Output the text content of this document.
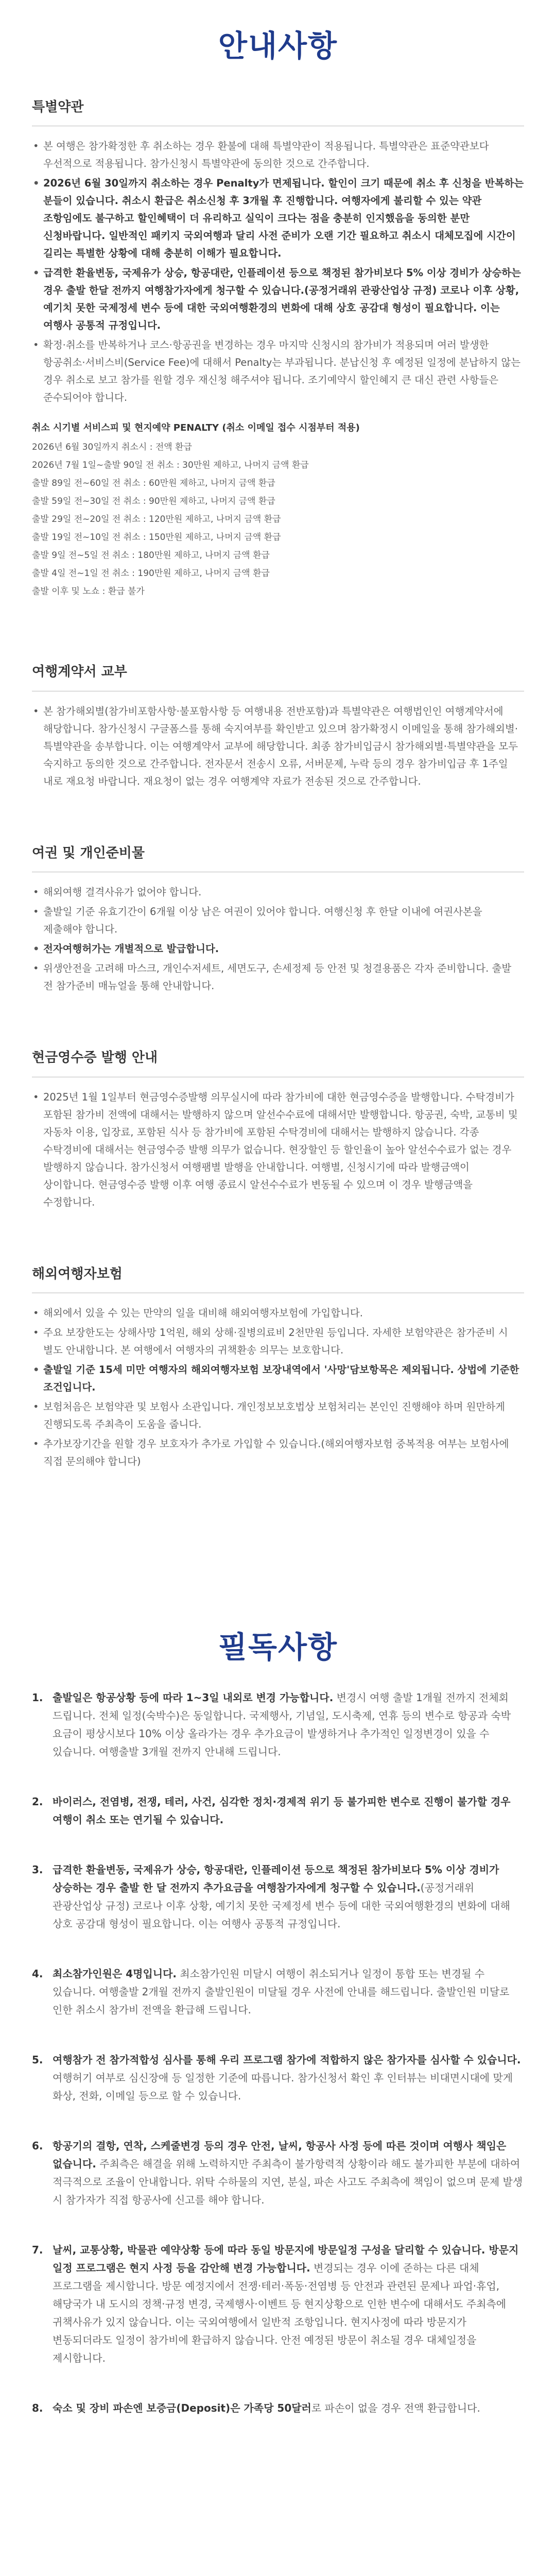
안내사항
특별약관
• 본 여행은 참가확정한 후 취소하는 경우 환불에 대해 특별약관이 적용됩니다. 특별약관은 표준약관보다 우선적으로 적용됩니다. 참가신청시 특별약관에 동의한 것으로 간주합니다.
• 2026년 6월 30일까지 취소하는 경우 Penalty가 면제됩니다. 할인이 크기 때문에 취소 후 신청을 반복하는 분들이 있습니다. 취소시 환급은 취소신청 후 3개월 후 진행합니다. 여행자에게 불리할 수 있는 약관 조항임에도 불구하고 할인혜택이 더 유리하고 실익이 크다는 점을 충분히 인지했음을 동의한 분만 신청바랍니다. 일반적인 패키지 국외여행과 달리 사전 준비가 오랜 기간 필요하고 취소시 대체모집에 시간이 길리는 특별한 상황에 대해 충분히 이해가 필요합니다.
• 급격한 환율변동, 국제유가 상승, 항공대란, 인플레이션 등으로 책정된 참가비보다 5% 이상 경비가 상승하는 경우 출발 한달 전까지 여행참가자에게 청구할 수 있습니다.(공정거래위 관광산업상 규정) 코로나 이후 상황, 예기치 못한 국제정세 변수 등에 대한 국외여행환경의 변화에 대해 상호 공감대 형성이 필요합니다. 이는 여행사 공통적 규정입니다.
• 확정·취소를 반복하거나 코스·항공권을 변경하는 경우 마지막 신청시의 참가비가 적용되며 여러 발생한 항공취소·서비스비(Service Fee)에 대해서 Penalty는 부과됩니다. 분납신청 후 예정된 일정에 분납하지 않는 경우 취소로 보고 참가를 원할 경우 재신청 해주셔야 됩니다. 조기예약시 할인혜지 큰 대신 관련 사항들은 준수되어야 합니다.
취소 시기별 서비스피 및 현지예약 PENALTY (취소 이메일 접수 시점부터 적용)
2026년 6월 30일까지 취소시 : 전액 환급
2026년 7월 1일~출발 90일 전 취소 : 30만원 제하고, 나머지 금액 환급
출발 89일 전~60일 전 취소 : 60만원 제하고, 나머지 금액 환급
출발 59일 전~30일 전 취소 : 90만원 제하고, 나머지 금액 환급
출발 29일 전~20일 전 취소 : 120만원 제하고, 나머지 금액 환급
출발 19일 전~10일 전 취소 : 150만원 제하고, 나머지 금액 환급
출발 9일 전~5일 전 취소 : 180만원 제하고, 나머지 금액 환급
출발 4일 전~1일 전 취소 : 190만원 제하고, 나머지 금액 환급
출발 이후 및 노쇼 : 환급 불가
여행계약서 교부
• 본 참가해외별(참가비포함사항·불포함사항 등 여행내용 전반포함)과 특별약관은 여행법인인 여행계약서에 해당합니다. 참가신청시 구글폼스를 통해 숙지여부를 확인받고 있으며 참가확정시 이메일을 통해 참가해외별·특별약관을 송부합니다. 이는 여행계약서 교부에 해당합니다. 최종 참가비입금시 참가해외별·특별약관을 모두 숙지하고 동의한 것으로 간주합니다. 전자문서 전송시 오류, 서버문제, 누락 등의 경우 참가비입금 후 1주일 내로 재요청 바랍니다. 재요청이 없는 경우 여행계약 자료가 전송된 것으로 간주합니다.
여권 및 개인준비물
• 해외여행 결격사유가 없어야 합니다.
• 출발일 기준 유효기간이 6개월 이상 남은 여권이 있어야 합니다. 여행신청 후 한달 이내에 여권사본을 제출해야 합니다.
• 전자여행허가는 개별적으로 발급합니다.
• 위생안전을 고려해 마스크, 개인수저세트, 세면도구, 손세정제 등 안전 및 청결용품은 각자 준비합니다. 출발 전 참가준비 매뉴얼을 통해 안내합니다.
현금영수증 발행 안내
• 2025년 1월 1일부터 현금영수증발행 의무실시에 따라 참가비에 대한 현금영수증을 발행합니다. 수탁경비가 포함된 참가비 전액에 대해서는 발행하지 않으며 알선수수료에 대해서만 발행합니다. 항공권, 숙박, 교통비 및 자동차 이용, 입장료, 포함된 식사 등 참가비에 포함된 수탁경비에 대해서는 발행하지 않습니다. 각종 수탁경비에 대해서는 현금영수증 발행 의무가 없습니다. 현장할인 등 할인율이 높아 알선수수료가 없는 경우 발행하지 않습니다. 참가신청서 여행팸별 발행을 안내합니다. 여행별, 신청시기에 따라 발행금액이 상이합니다. 현금영수증 발행 이후 여행 종료시 알선수수료가 변동될 수 있으며 이 경우 발행금액을 수정합니다.
해외여행자보험
• 해외에서 있을 수 있는 만약의 일을 대비해 해외여행자보험에 가입합니다.
• 주요 보장한도는 상해사망 1억원, 해외 상해·질병의료비 2천만원 등입니다. 자세한 보험약관은 참가준비 시 별도 안내합니다. 본 여행에서 여행자의 귀책환송 의무는 보호합니다.
• 출발일 기준 15세 미만 여행자의 해외여행자보험 보장내역에서 '사망'담보항목은 제외됩니다. 상법에 기준한 조건입니다.
• 보험처음은 보험약관 및 보험사 소관입니다. 개인정보보호법상 보험처리는 본인인 진행해야 하며 원만하게 진행되도록 주최측이 도움을 줍니다.
• 추가보장기간을 원할 경우 보호자가 추가로 가입할 수 있습니다.(해외여행자보험 중복적용 여부는 보험사에 직접 문의해야 합니다)
필독사항
1. 출발일은 항공상황 등에 따라 1~3일 내외로 변경 가능합니다. 변경시 여행 출발 1개월 전까지 전체회 드립니다. 전체 일정(숙박수)은 동일합니다. 국제행사, 기념일, 도시축제, 연휴 등의 변수로 항공과 숙박 요금이 평상시보다 10% 이상 올라가는 경우 추가요금이 발생하거나 추가적인 일정변경이 있을 수 있습니다. 여행출발 3개월 전까지 안내해 드립니다.
2. 바이러스, 전염병, 전쟁, 테러, 사건, 심각한 정치·경제적 위기 등 불가피한 변수로 진행이 불가할 경우 여행이 취소 또는 연기될 수 있습니다.
3. 급격한 환율변동, 국제유가 상승, 항공대란, 인플레이션 등으로 책정된 참가비보다 5% 이상 경비가 상승하는 경우 출발 한 달 전까지 추가요금을 여행참가자에게 청구할 수 있습니다.(공정거래위 관광산업상 규정) 코로나 이후 상황, 예기치 못한 국제정세 변수 등에 대한 국외여행환경의 변화에 대해 상호 공감대 형성이 필요합니다. 이는 여행사 공통적 규정입니다.
4. 최소참가인원은 4명입니다. 최소참가인원 미달시 여행이 취소되거나 일정이 통합 또는 변경될 수 있습니다. 여행출발 2개월 전까지 출발인원이 미달될 경우 사전에 안내를 해드립니다. 출발인원 미달로 인한 취소시 참가비 전액을 환급해 드립니다.
5. 여행참가 전 참가적합성 심사를 통해 우리 프로그램 참가에 적합하지 않은 참가자를 심사할 수 있습니다. 여행허기 여부로 심신장애 등 일정한 기준에 따릅니다. 참가신청서 확인 후 인터뷰는 비대면시대에 맞게 화상, 전화, 이메일 등으로 할 수 있습니다.
6. 항공기의 결항, 연착, 스케줄변경 등의 경우 안전, 날씨, 항공사 사정 등에 따른 것이며 여행사 책임은 없습니다. 주최측은 해결을 위해 노력하지만 주최측이 불가항력적 상황이라 해도 불가피한 부분에 대하여 적극적으로 조율이 안내합니다. 위탁 수하물의 지연, 분실, 파손 사고도 주최측에 책임이 없으며 문제 발생 시 참가자가 직접 항공사에 신고를 해야 합니다.
7. 날씨, 교통상황, 박물관 예약상황 등에 따라 동일 방문지에 방문일정 구성을 달리할 수 있습니다. 방문지 일정 프로그램은 현지 사정 등을 감안해 변경 가능합니다. 변경되는 경우 이에 준하는 다른 대체 프로그램을 제시합니다. 방문 예정지에서 전쟁·테러·폭동·전염병 등 안전과 관련된 문제나 파업·휴업, 해당국가 내 도시의 정책·규정 변경, 국제행사·이벤트 등 현지상황으로 인한 변수에 대해서도 주최측에 귀책사유가 있지 않습니다. 이는 국외여행에서 일반적 조항입니다. 현지사정에 따라 방문지가 변동되더라도 일정이 참가비에 환급하지 않습니다. 안전 예정된 방문이 취소될 경우 대체일정을 제시합니다.
8. 숙소 및 장비 파손엔 보증금(Deposit)은 가족당 50달러로 파손이 없을 경우 전액 환급합니다.
